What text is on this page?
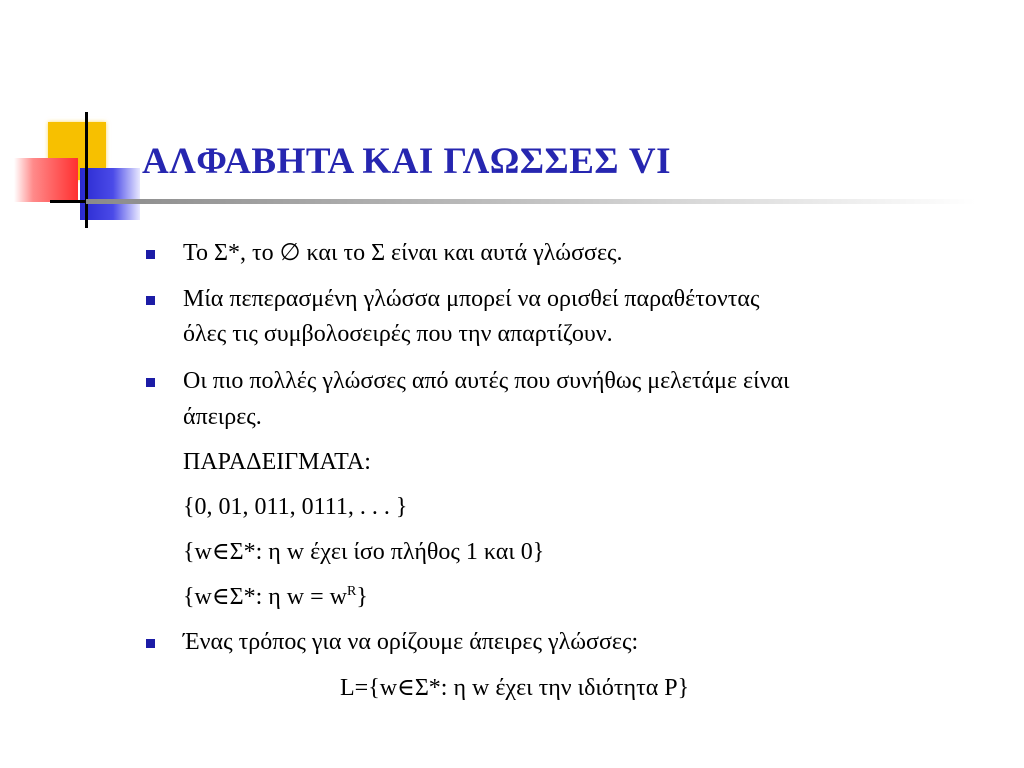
ΑΛΦΑΒΗΤΑ ΚΑΙ ΓΛΩΣΣΕΣ VI
Το Σ*, το ∅ και το Σ είναι και αυτά γλώσσες.
Μία πεπερασμένη γλώσσα μπορεί να ορισθεί παραθέτοντας
όλες τις συμβολοσειρές που την απαρτίζουν.
Οι πιο πολλές γλώσσες από αυτές που συνήθως μελετάμε είναι
άπειρες.
ΠΑΡΑΔΕΙΓΜΑΤΑ:
{0, 01, 011, 0111, . . . }
{w∈Σ*: η w έχει ίσο πλήθος 1 και 0}
{w∈Σ*: η $w = w^R$}
Ένας τρόπος για να ορίζουμε άπειρες γλώσσες:
L={w∈Σ*: η w έχει την ιδιότητα P}
